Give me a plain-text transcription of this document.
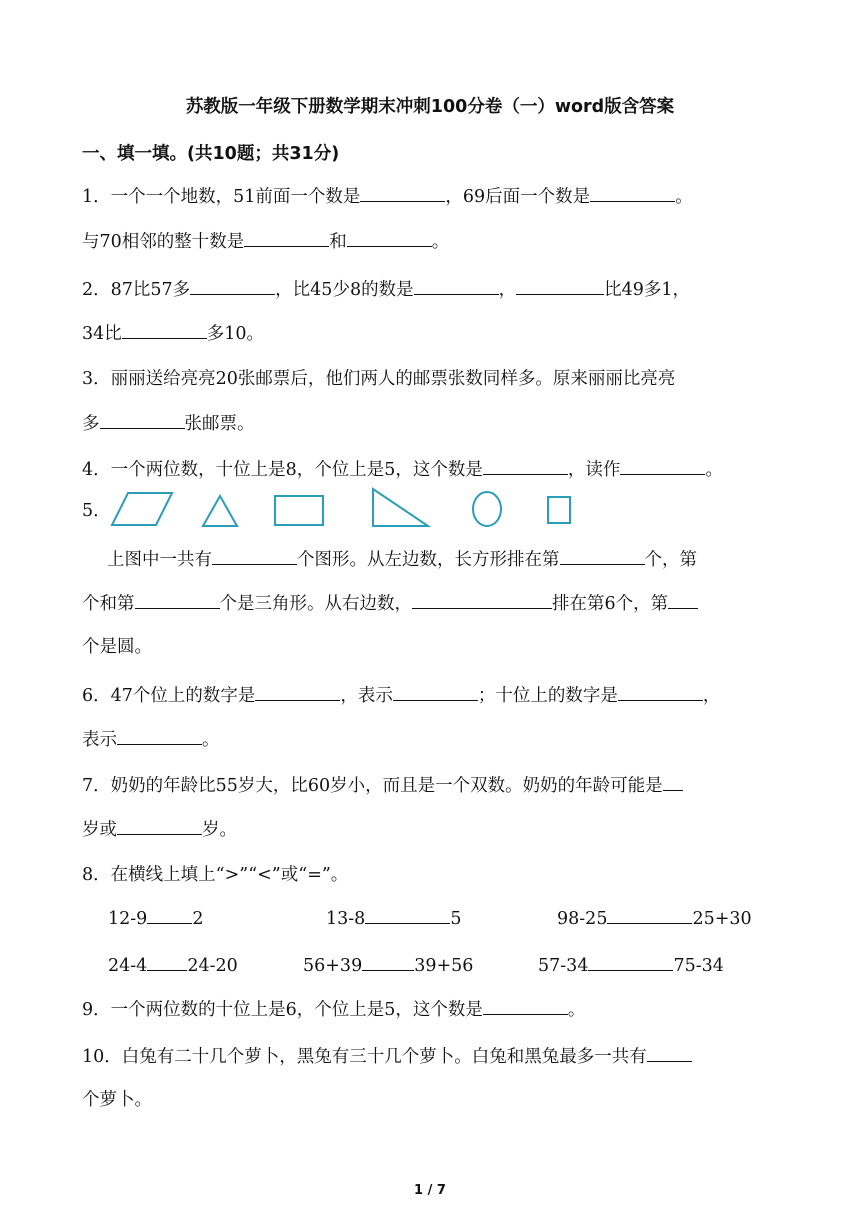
苏教版一年级下册数学期末冲刺100分卷（一）word版含答案
一、填一填。(共10题；共31分)
1．一个一个地数，51前面一个数是	，69后面一个数是	。
与70相邻的整十数是	和	。
2．87比57多	，比45少8的数是	，	比49多1，
34比	多10。
3．丽丽送给亮亮20张邮票后，他们两人的邮票张数同样多。原来丽丽比亮亮
多	张邮票。
4．一个两位数，十位上是8，个位上是5，这个数是	，读作	。
5．
上图中一共有	个图形。从左边数，长方形排在第	个，第
个和第	个是三角形。从右边数，	排在第6个，第
个是圆。
6．47个位上的数字是	，表示	；十位上的数字是	，
表示	。
7．奶奶的年龄比55岁大，比60岁小，而且是一个双数。奶奶的年龄可能是
岁或	岁。
8．在横线上填上“>”“<”或“=”。
12-9	2	13-8	5	98-25	25+30
24-4 24-20	56+39	39+56	57-34	75-34
9．一个两位数的十位上是6，个位上是5，这个数是	。
10．白兔有二十几个萝卜，黑兔有三十几个萝卜。白兔和黑兔最多一共有
个萝卜。
1 / 7
